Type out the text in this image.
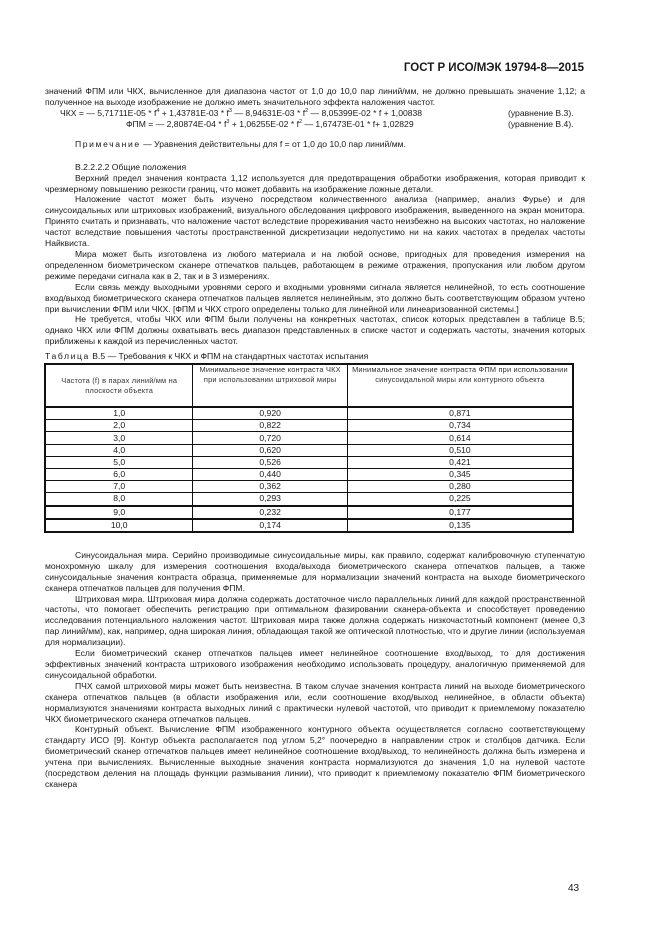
ГОСТ Р ИСО/МЭК 19794-8—2015

значений ФПМ или ЧКХ, вычисленное для диапазона частот от 1,0 до 10,0 пар линий/мм, не должно превышать значение 1,12; а полученное на выходе изображение не должно иметь значительного эффекта наложения частот.

ЧКХ = — $5,71711E-05 * f^4 + 1,43781E-03 * f^3$ — $8,94631E-03 * f^2$ — 8,05399E-02 * f + 1,00838	(уравнение В.3).
ФПМ = — $2,80874E-04 * f^3 + 1,06255E-02 * f^2$ — 1,67473E-01 * f+ 1,02829	(уравнение В.4).

Примечание — Уравнения действительны для f = от 1,0 до 10,0 пар линий/мм.

В.2.2.2.2 Общие положения

Верхний предел значения контраста 1,12 используется для предотвращения обработки изображения, которая приводит к чрезмерному повышению резкости границ, что может добавить на изображение ложные детали.

Наложение частот может быть изучено посредством количественного анализа (например, анализ Фурье) и для синусоидальных или штриховых изображений, визуального обследования цифрового изображения, выведенного на экран монитора. Принято считать и признавать, что наложение частот вследствие прореживания часто неизбежно на высоких частотах, но наложение частот вследствие повышения частоты пространственной дискретизации недопустимо ни на каких частотах в пределах частоты Найквиста.

Мира может быть изготовлена из любого материала и на любой основе, пригодных для проведения измерения на определенном биометрическом сканере отпечатков пальцев, работающем в режиме отражения, пропускания или любом другом режиме передачи сигнала как в 2, так и в 3 измерениях.

Если связь между выходными уровнями серого и входными уровнями сигнала является нелинейной, то есть соотношение вход/выход биометрического сканера отпечатков пальцев является нелинейным, это должно быть соответствующим образом учтено при вычислении ФПМ или ЧКХ. [ФПМ и ЧКХ строго определены только для линейной или линеаризованной системы.]

Не требуется, чтобы ЧКХ или ФПМ были получены на конкретных частотах, список которых представлен в таблице В.5; однако ЧКХ или ФПМ должны охватывать весь диапазон представленных в списке частот и содержать частоты, значения которых приближены к каждой из перечисленных частот.

Таблица В.5 — Требования к ЧКХ и ФПМ на стандартных частотах испытания
Частота (f) в парах линий/мм на плоскости объекта	Минимальное значение контраста ЧКХ при использовании штриховой миры	Минимальное значение контраста ФПМ при использовании синусоидальной миры или контурного объекта
1,0	0,920	0,871
2,0	0,822	0,734
3,0	0,720	0,614
4,0	0,620	0,510
5,0	0,526	0,421
6,0	0,440	0,345
7,0	0,362	0,280
8,0	0,293	0,225
9,0	0,232	0,177
10,0	0,174	0,135

Синусоидальная мира. Серийно производимые синусоидальные миры, как правило, содержат калибровочную ступенчатую монохромную шкалу для измерения соотношения входа/выхода биометрического сканера отпечатков пальцев, а также синусоидальные значения контраста образца, применяемые для нормализации значений контраста на выходе биометрического сканера отпечатков пальцев для получения ФПМ.

Штриховая мира. Штриховая мира должна содержать достаточное число параллельных линий для каждой пространственной частоты, что помогает обеспечить регистрацию при оптимальном фазировании сканера-объекта и способствует проведению исследования потенциального наложения частот. Штриховая мира также должна содержать низкочастотный компонент (менее 0,3 пар линий/мм), как, например, одна широкая линия, обладающая такой же оптической плотностью, что и другие линии (используемая для нормализации).

Если биометрический сканер отпечатков пальцев имеет нелинейное соотношение вход/выход, то для достижения эффективных значений контраста штрихового изображения необходимо использовать процедуру, аналогичную применяемой для синусоидальной обработки.

ПЧХ самой штриховой миры может быть неизвестна. В таком случае значения контраста линий на выходе биометрического сканера отпечатков пальцев (в области изображения или, если соотношение вход/выход нелинейное, в области объекта) нормализуются значениями контраста выходных линий с практически нулевой частотой, что приводит к приемлемому показателю ЧКХ биометрического сканера отпечатков пальцев.

Контурный объект. Вычисление ФПМ изображенного контурного объекта осуществляется согласно соответствующему стандарту ИСО [9]. Контур объекта располагается под углом 5,2° поочередно в направлении строк и столбцов датчика. Если биометрический сканер отпечатков пальцев имеет нелинейное соотношение вход/выход, то нелинейность должна быть измерена и учтена при вычислениях. Вычисленные выходные значения контраста нормализуются до значения 1,0 на нулевой частоте (посредством деления на площадь функции размывания линии), что приводит к приемлемому показателю ФПМ биометрического сканера

43
